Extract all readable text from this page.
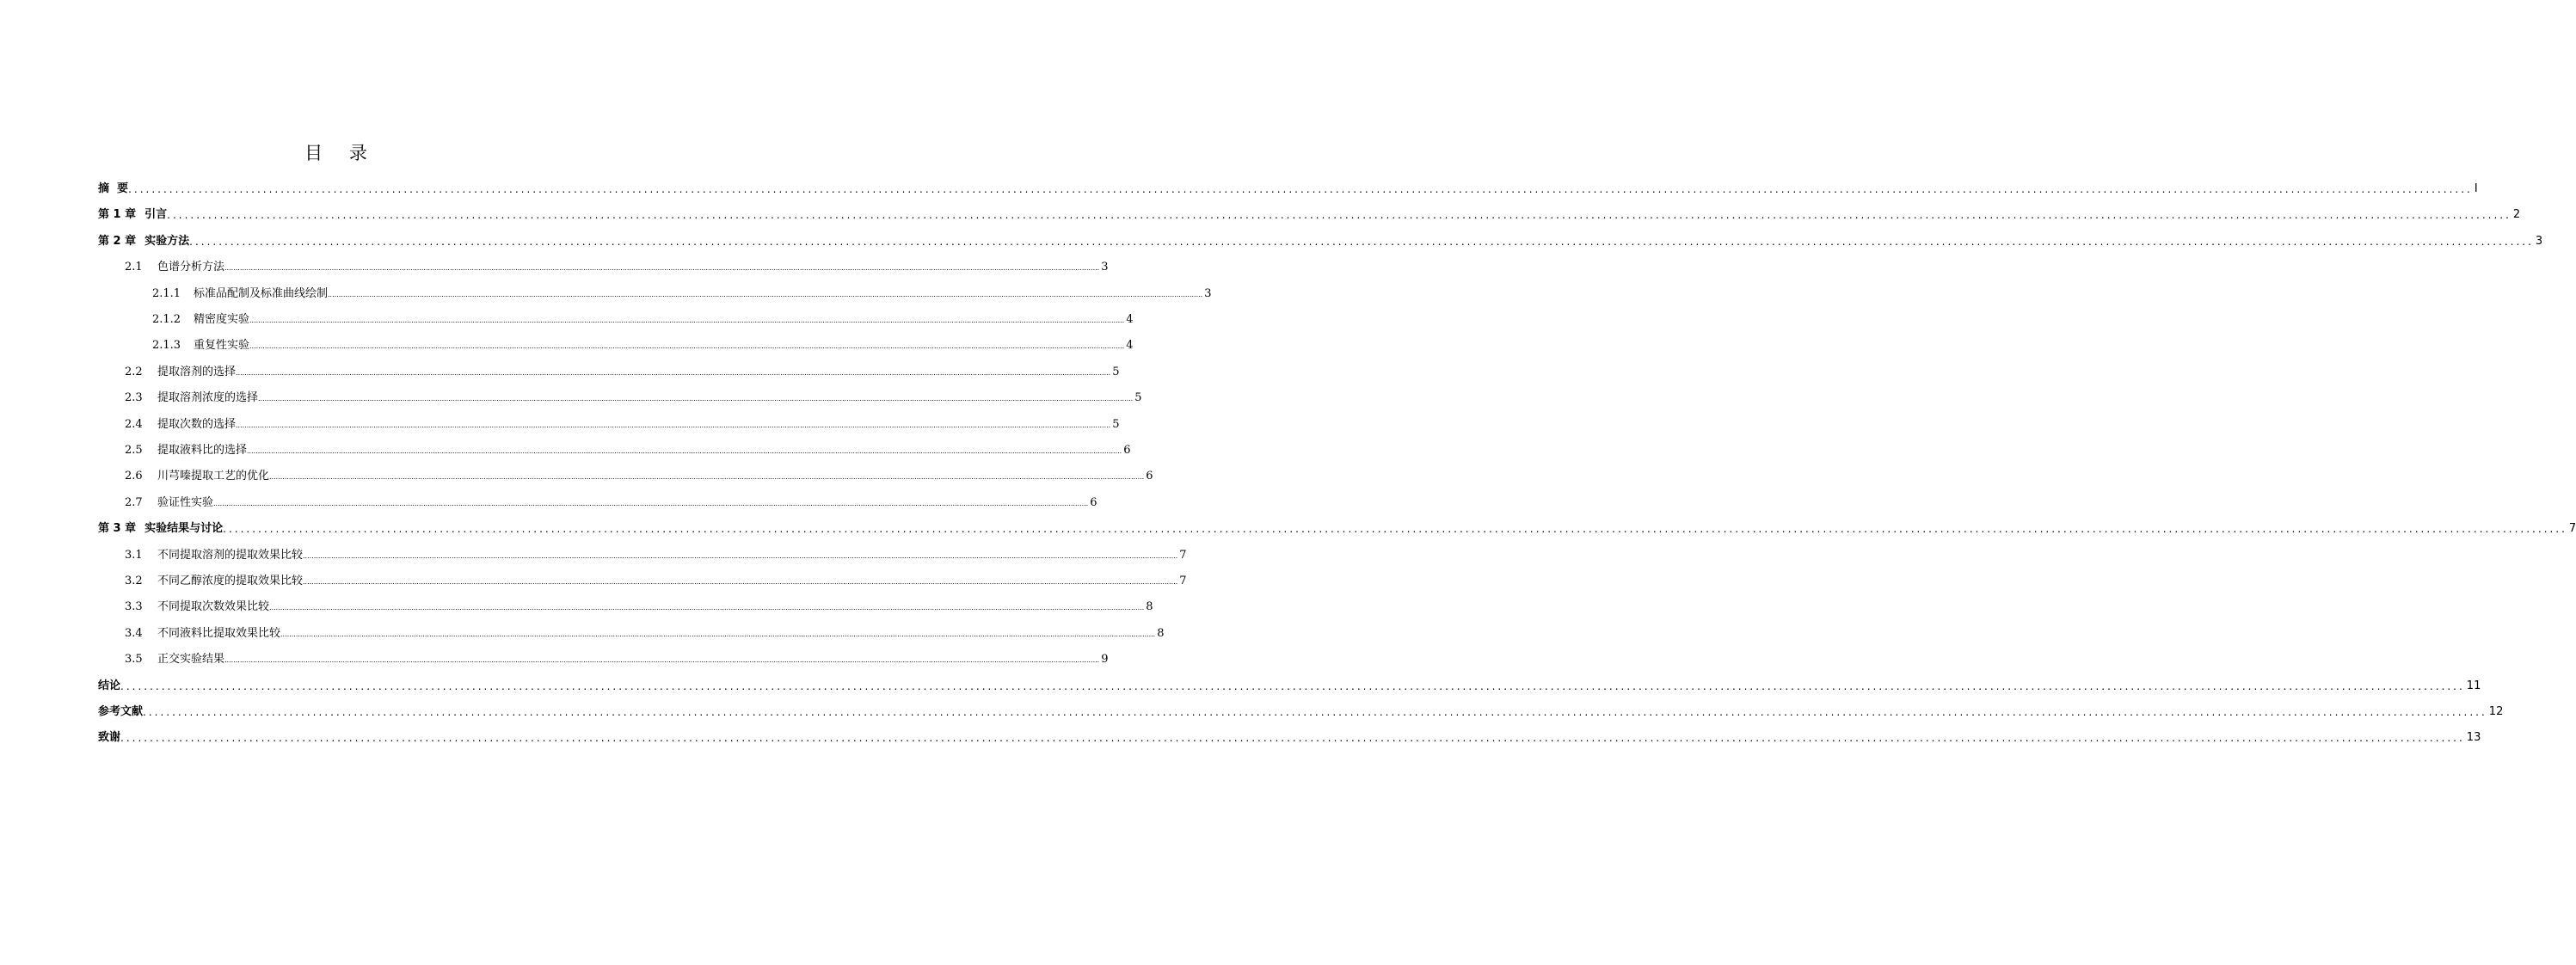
目 录
摘  要 ................................................................................................................................................................................................................................................................................................................................................................................................................ I
第 1 章 引言 ................................................................................................................................................................................................................................................................................................................................................................................................................ 2
第 2 章 实验方法 ................................................................................................................................................................................................................................................................................................................................................................................................................ 3
2.1 色谱分析方法 ................................................................................................................................................................................................................................................................................................................................................................................................................ 3
2.1.1 标准品配制及标准曲线绘制 ................................................................................................................................................................................................................................................................................................................................................................................................................ 3
2.1.2 精密度实验 ................................................................................................................................................................................................................................................................................................................................................................................................................ 4
2.1.3 重复性实验 ................................................................................................................................................................................................................................................................................................................................................................................................................ 4
2.2 提取溶剂的选择 ................................................................................................................................................................................................................................................................................................................................................................................................................ 5
2.3 提取溶剂浓度的选择 ................................................................................................................................................................................................................................................................................................................................................................................................................ 5
2.4 提取次数的选择 ................................................................................................................................................................................................................................................................................................................................................................................................................ 5
2.5 提取液料比的选择 ................................................................................................................................................................................................................................................................................................................................................................................................................ 6
2.6 川芎嗪提取工艺的优化 ................................................................................................................................................................................................................................................................................................................................................................................................................ 6
2.7 验证性实验 ................................................................................................................................................................................................................................................................................................................................................................................................................ 6
第 3 章 实验结果与讨论 ................................................................................................................................................................................................................................................................................................................................................................................................................ 7
3.1 不同提取溶剂的提取效果比较 ................................................................................................................................................................................................................................................................................................................................................................................................................ 7
3.2 不同乙醇浓度的提取效果比较 ................................................................................................................................................................................................................................................................................................................................................................................................................ 7
3.3 不同提取次数效果比较 ................................................................................................................................................................................................................................................................................................................................................................................................................ 8
3.4 不同液料比提取效果比较 ................................................................................................................................................................................................................................................................................................................................................................................................................ 8
3.5 正交实验结果 ................................................................................................................................................................................................................................................................................................................................................................................................................ 9
结论 ................................................................................................................................................................................................................................................................................................................................................................................................................ 11
参考文献 ................................................................................................................................................................................................................................................................................................................................................................................................................ 12
致谢 ................................................................................................................................................................................................................................................................................................................................................................................................................ 13
